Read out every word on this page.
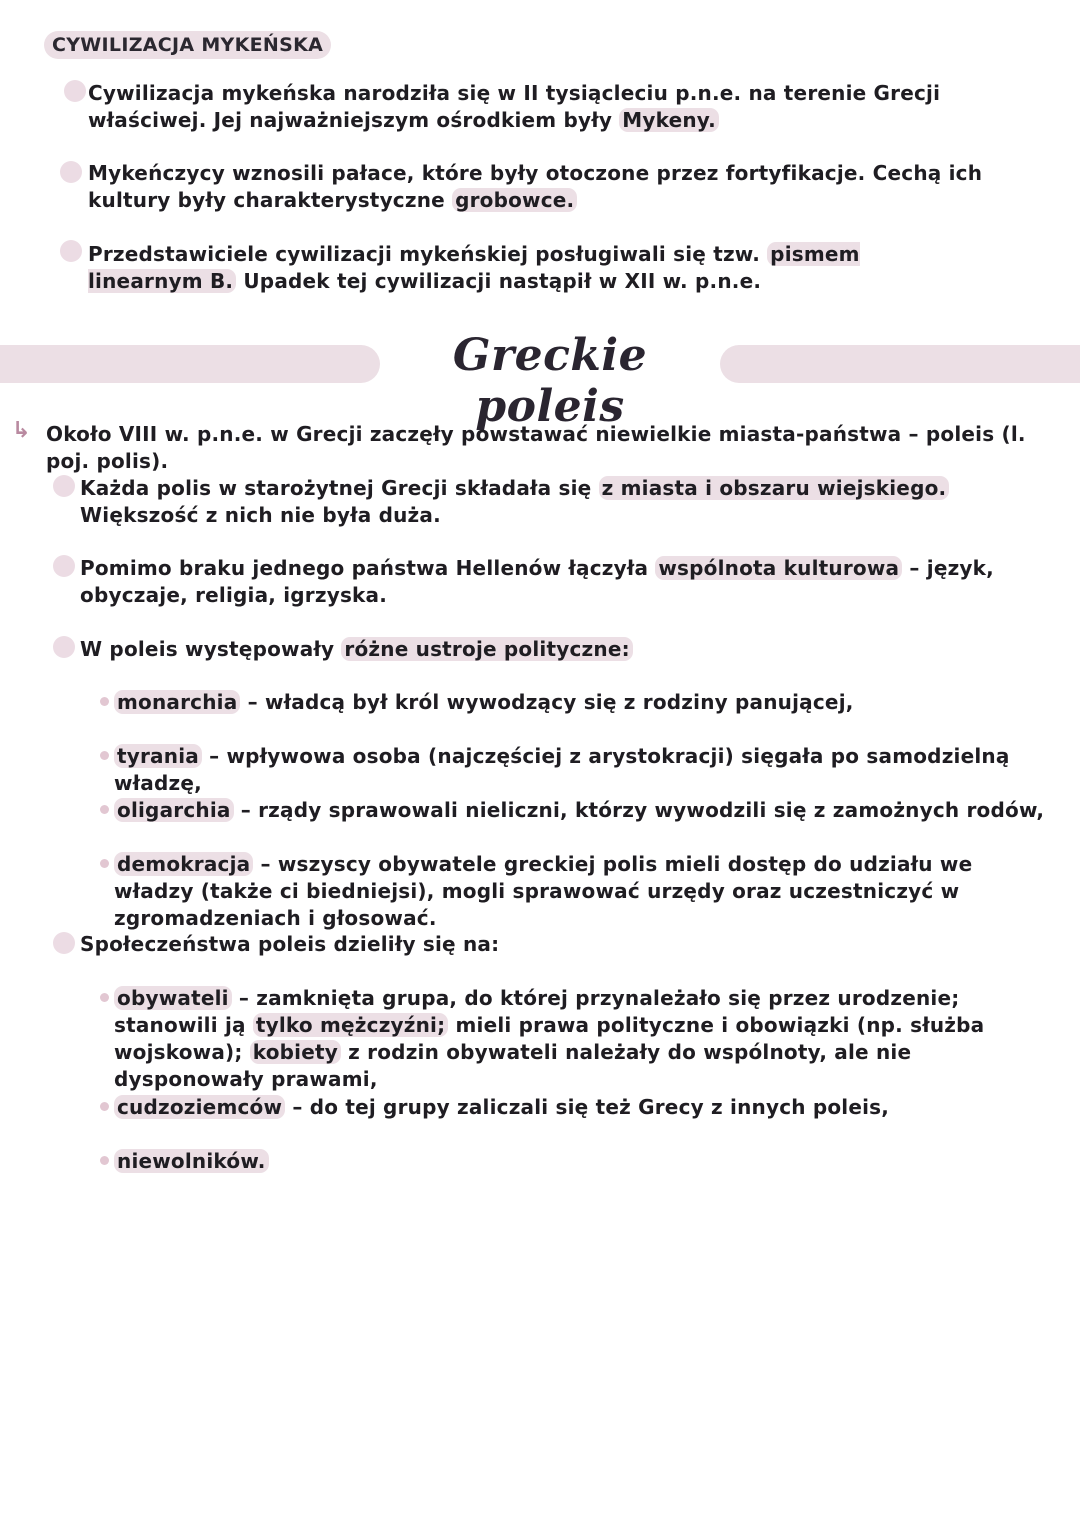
CYWILIZACJA MYKEŃSKA
Cywilizacja mykeńska narodziła się w II tysiącleciu p.n.e. na terenie Grecji właściwej. Jej najważniejszym ośrodkiem były Mykeny.
Mykeńczycy wznosili pałace, które były otoczone przez fortyfikacje. Cechą ich kultury były charakterystyczne grobowce.
Przedstawiciele cywilizacji mykeńskiej posługiwali się tzw. pismem linearnym B. Upadek tej cywilizacji nastąpił w XII w. p.n.e.
Greckie poleis
↳ Około VIII w. p.n.e. w Grecji zaczęły powstawać niewielkie miasta-państwa – poleis (l. poj. polis).
Każda polis w starożytnej Grecji składała się z miasta i obszaru wiejskiego. Większość z nich nie była duża.
Pomimo braku jednego państwa Hellenów łączyła wspólnota kulturowa – język, obyczaje, religia, igrzyska.
W poleis występowały różne ustroje polityczne:
monarchia – władcą był król wywodzący się z rodziny panującej,
tyrania – wpływowa osoba (najczęściej z arystokracji) sięgała po samodzielną władzę,
oligarchia – rządy sprawowali nieliczni, którzy wywodzili się z zamożnych rodów,
demokracja – wszyscy obywatele greckiej polis mieli dostęp do udziału we władzy (także ci biedniejsi), mogli sprawować urzędy oraz uczestniczyć w zgromadzeniach i głosować.
Społeczeństwa poleis dzieliły się na:
obywateli – zamknięta grupa, do której przynależało się przez urodzenie; stanowili ją tylko mężczyźni; mieli prawa polityczne i obowiązki (np. służba wojskowa); kobiety z rodzin obywateli należały do wspólnoty, ale nie dysponowały prawami,
cudzoziemców – do tej grupy zaliczali się też Grecy z innych poleis,
niewolników.
